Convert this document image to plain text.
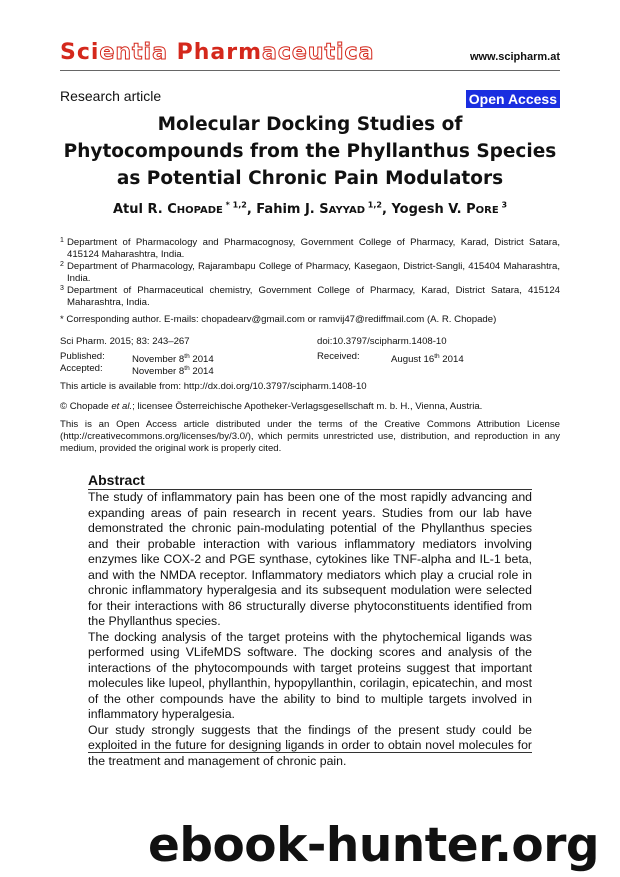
Scientia Pharmaceutica	www.scipharm.at
Research article	Open Access
Molecular Docking Studies of
Phytocompounds from the Phyllanthus Species
as Potential Chronic Pain Modulators
Atul R. CHOPADE $^{* 1,2}$, Fahim J. SAYYAD $^{1,2}$, Yogesh V. PORE $^3$
1 Department of Pharmacology and Pharmacognosy, Government College of Pharmacy, Karad, District Satara, 415124 Maharashtra, India.
2 Department of Pharmacology, Rajarambapu College of Pharmacy, Kasegaon, District-Sangli, 415404 Maharashtra, India.
3 Department of Pharmaceutical chemistry, Government College of Pharmacy, Karad, District Satara, 415124 Maharashtra, India.
* Corresponding author. E-mails: chopadearv@gmail.com or ramvij47@rediffmail.com (A. R. Chopade)
Sci Pharm. 2015; 83: 243–267	doi:10.3797/scipharm.1408-10
Published:	November 8th 2014	Received:	August 16th 2014
Accepted:	November 8th 2014
This article is available from: http://dx.doi.org/10.3797/scipharm.1408-10
© Chopade et al.; licensee Österreichische Apotheker-Verlagsgesellschaft m. b. H., Vienna, Austria.
This is an Open Access article distributed under the terms of the Creative Commons Attribution License (http://creativecommons.org/licenses/by/3.0/), which permits unrestricted use, distribution, and reproduction in any medium, provided the original work is properly cited.
Abstract

The study of inflammatory pain has been one of the most rapidly advancing and expanding areas of pain research in recent years. Studies from our lab have demonstrated the chronic pain-modulating potential of the Phyllanthus species and their probable interaction with various inflammatory mediators involving enzymes like COX-2 and PGE synthase, cytokines like TNF-alpha and IL-1 beta, and with the NMDA receptor. Inflammatory mediators which play a crucial role in chronic inflammatory hyperalgesia and its subsequent modulation were selected for their interactions with 86 structurally diverse phytoconstituents identified from the Phyllanthus species.

The docking analysis of the target proteins with the phytochemical ligands was performed using VLifeMDS software. The docking scores and analysis of the interactions of the phytocompounds with target proteins suggest that important molecules like lupeol, phyllanthin, hypopyllanthin, corilagin, epicatechin, and most of the other compounds have the ability to bind to multiple targets involved in inflammatory hyperalgesia.

Our study strongly suggests that the findings of the present study could be exploited in the future for designing ligands in order to obtain novel molecules for the treatment and management of chronic pain.

ebook-hunter.org
